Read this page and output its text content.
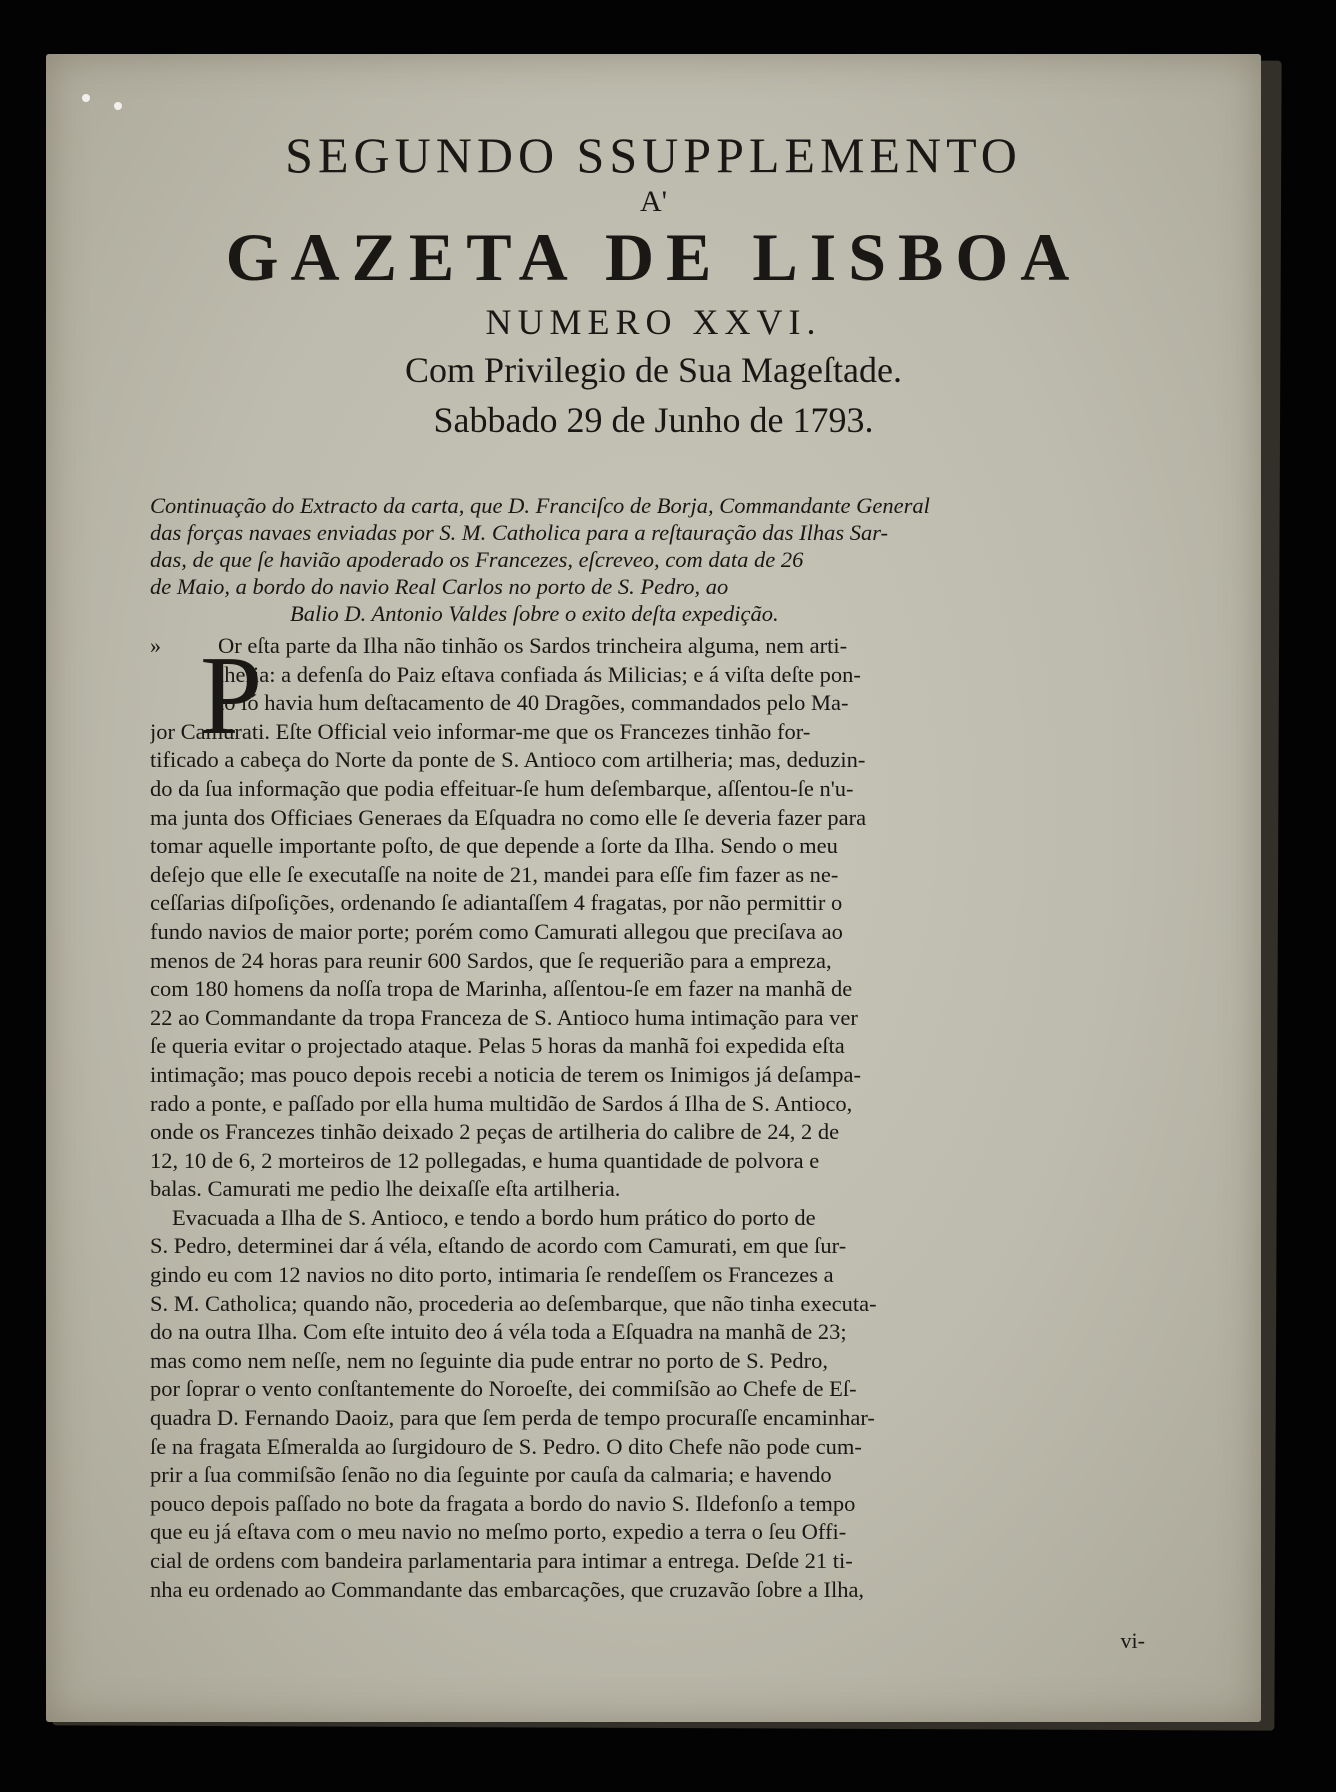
SEGUNDO SSUPPLEMENTO
A'
GAZETA DE LISBOA
NUMERO XXVI.
Com Privilegio de Sua Mageſtade.
Sabbado 29 de Junho de 1793.
Continuação do Extracto da carta, que D. Franciſco de Borja, Commandante General
das forças navaes enviadas por S. M. Catholica para a reſtauração das Ilhas Sar-
das, de que ſe havião apoderado os Francezes, eſcreveo, com data de 26
de Maio, a bordo do navio Real Carlos no porto de S. Pedro, ao
Balio D. Antonio Valdes ſobre o exito deſta expedição.
» P
Or eſta parte da Ilha não tinhão os Sardos trincheira alguma, nem arti-
lheria: a defenſa do Paiz eſtava confiada ás Milicias; e á viſta deſte pon-
to ſó havia hum deſtacamento de 40 Dragões, commandados pelo Ma-
jor Camurati. Eſte Official veio informar-me que os Francezes tinhão for-
tificado a cabeça do Norte da ponte de S. Antioco com artilheria; mas, deduzin-
do da ſua informação que podia effeituar-ſe hum deſembarque, aſſentou-ſe n'u-
ma junta dos Officiaes Generaes da Eſquadra no como elle ſe deveria fazer para
tomar aquelle importante poſto, de que depende a ſorte da Ilha. Sendo o meu
deſejo que elle ſe executaſſe na noite de 21, mandei para eſſe fim fazer as ne-
ceſſarias diſpoſições, ordenando ſe adiantaſſem 4 fragatas, por não permittir o
fundo navios de maior porte; porém como Camurati allegou que preciſava ao
menos de 24 horas para reunir 600 Sardos, que ſe requerião para a empreza,
com 180 homens da noſſa tropa de Marinha, aſſentou-ſe em fazer na manhã de
22 ao Commandante da tropa Franceza de S. Antioco huma intimação para ver
ſe queria evitar o projectado ataque. Pelas 5 horas da manhã foi expedida eſta
intimação; mas pouco depois recebi a noticia de terem os Inimigos já deſampa-
rado a ponte, e paſſado por ella huma multidão de Sardos á Ilha de S. Antioco,
onde os Francezes tinhão deixado 2 peças de artilheria do calibre de 24, 2 de
12, 10 de 6, 2 morteiros de 12 pollegadas, e huma quantidade de polvora e
balas. Camurati me pedio lhe deixaſſe eſta artilheria.
Evacuada a Ilha de S. Antioco, e tendo a bordo hum prático do porto de
S. Pedro, determinei dar á véla, eſtando de acordo com Camurati, em que ſur-
gindo eu com 12 navios no dito porto, intimaria ſe rendeſſem os Francezes a
S. M. Catholica; quando não, procederia ao deſembarque, que não tinha executa-
do na outra Ilha. Com eſte intuito deo á véla toda a Eſquadra na manhã de 23;
mas como nem neſſe, nem no ſeguinte dia pude entrar no porto de S. Pedro,
por ſoprar o vento conſtantemente do Noroeſte, dei commiſsão ao Chefe de Eſ-
quadra D. Fernando Daoiz, para que ſem perda de tempo procuraſſe encaminhar-
ſe na fragata Eſmeralda ao ſurgidouro de S. Pedro. O dito Chefe não pode cum-
prir a ſua commiſsão ſenão no dia ſeguinte por cauſa da calmaria; e havendo
pouco depois paſſado no bote da fragata a bordo do navio S. Ildefonſo a tempo
que eu já eſtava com o meu navio no meſmo porto, expedio a terra o ſeu Offi-
cial de ordens com bandeira parlamentaria para intimar a entrega. Deſde 21 ti-
nha eu ordenado ao Commandante das embarcações, que cruzavão ſobre a Ilha,
vi-
